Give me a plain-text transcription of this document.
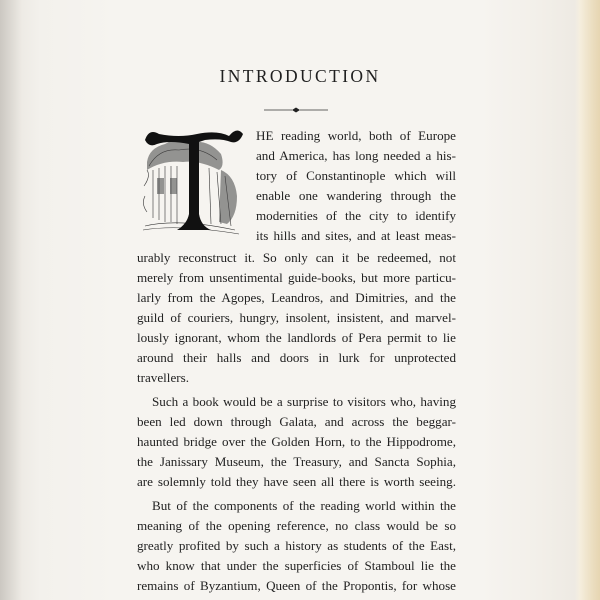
INTRODUCTION
HE reading world, both of Europe
and America, has long needed a his-
tory of Constantinople which will
enable one wandering through the
modernities of the city to identify
its hills and sites, and at least meas-
urably reconstruct it. So only can it be redeemed, not
merely from unsentimental guide-books, but more particu-
larly from the Agopes, Leandros, and Dimitries, and the
guild of couriers, hungry, insolent, insistent, and marvel-
lously ignorant, whom the landlords of Pera permit to lie
around their halls and doors in lurk for unprotected
travellers.
Such a book would be a surprise to visitors who, having
been led down through Galata, and across the beggar-
haunted bridge over the Golden Horn, to the Hippodrome,
the Janissary Museum, the Treasury, and Sancta Sophia,
are solemnly told they have seen all there is worth seeing.
But of the components of the reading world within the
meaning of the opening reference, no class would be so
greatly profited by such a history as students of the East,
who know that under the superficies of Stamboul lie the
remains of Byzantium, Queen of the Propontis, for whose
